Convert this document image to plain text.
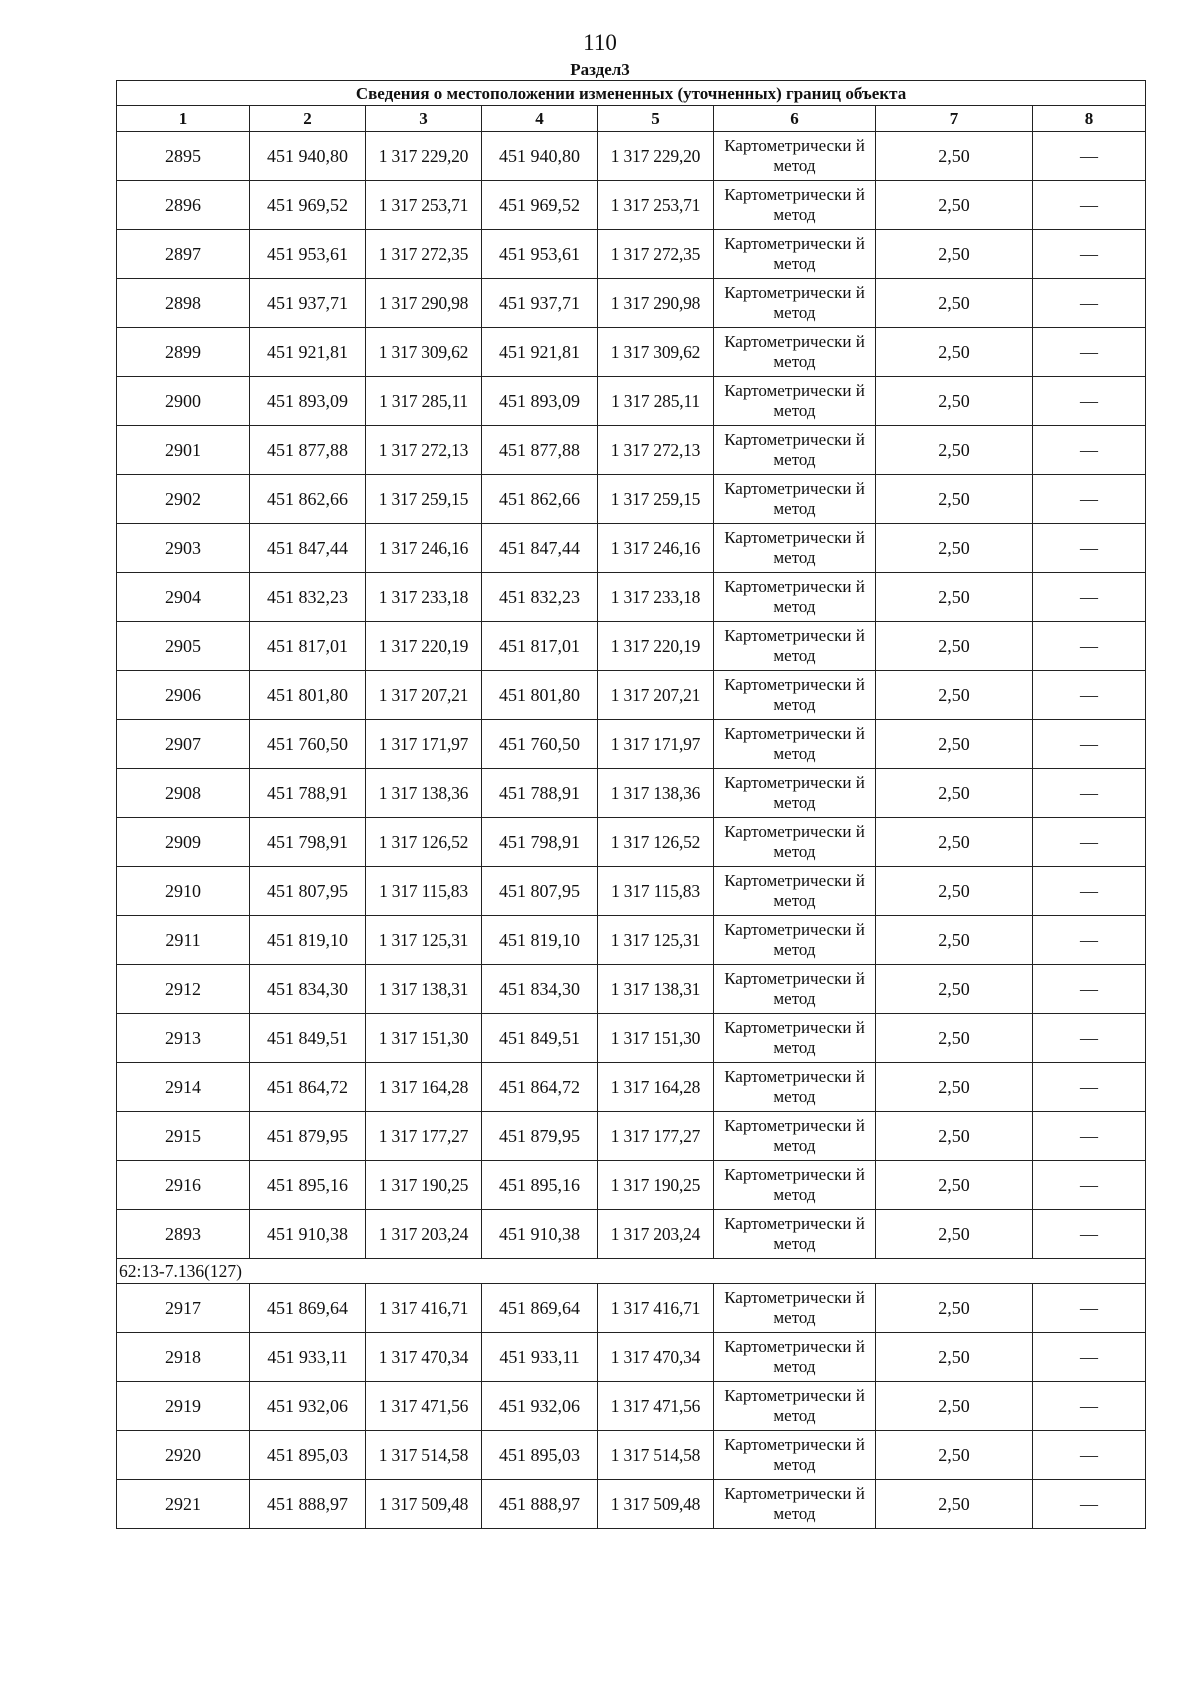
110
Раздел3
Сведения о местоположении измененных (уточненных) границ объекта							
1	2	3	4	5	6	7	8
2895	451 940,80	1 317 229,20	451 940,80	1 317 229,20	Картометрически й метод	2,50	—
2896	451 969,52	1 317 253,71	451 969,52	1 317 253,71	Картометрически й метод	2,50	—
2897	451 953,61	1 317 272,35	451 953,61	1 317 272,35	Картометрически й метод	2,50	—
2898	451 937,71	1 317 290,98	451 937,71	1 317 290,98	Картометрически й метод	2,50	—
2899	451 921,81	1 317 309,62	451 921,81	1 317 309,62	Картометрически й метод	2,50	—
2900	451 893,09	1 317 285,11	451 893,09	1 317 285,11	Картометрически й метод	2,50	—
2901	451 877,88	1 317 272,13	451 877,88	1 317 272,13	Картометрически й метод	2,50	—
2902	451 862,66	1 317 259,15	451 862,66	1 317 259,15	Картометрически й метод	2,50	—
2903	451 847,44	1 317 246,16	451 847,44	1 317 246,16	Картометрически й метод	2,50	—
2904	451 832,23	1 317 233,18	451 832,23	1 317 233,18	Картометрически й метод	2,50	—
2905	451 817,01	1 317 220,19	451 817,01	1 317 220,19	Картометрически й метод	2,50	—
2906	451 801,80	1 317 207,21	451 801,80	1 317 207,21	Картометрически й метод	2,50	—
2907	451 760,50	1 317 171,97	451 760,50	1 317 171,97	Картометрически й метод	2,50	—
2908	451 788,91	1 317 138,36	451 788,91	1 317 138,36	Картометрически й метод	2,50	—
2909	451 798,91	1 317 126,52	451 798,91	1 317 126,52	Картометрически й метод	2,50	—
2910	451 807,95	1 317 115,83	451 807,95	1 317 115,83	Картометрически й метод	2,50	—
2911	451 819,10	1 317 125,31	451 819,10	1 317 125,31	Картометрически й метод	2,50	—
2912	451 834,30	1 317 138,31	451 834,30	1 317 138,31	Картометрически й метод	2,50	—
2913	451 849,51	1 317 151,30	451 849,51	1 317 151,30	Картометрически й метод	2,50	—
2914	451 864,72	1 317 164,28	451 864,72	1 317 164,28	Картометрически й метод	2,50	—
2915	451 879,95	1 317 177,27	451 879,95	1 317 177,27	Картометрически й метод	2,50	—
2916	451 895,16	1 317 190,25	451 895,16	1 317 190,25	Картометрически й метод	2,50	—
2893	451 910,38	1 317 203,24	451 910,38	1 317 203,24	Картометрически й метод	2,50	—
62:13-7.136(127)							
2917	451 869,64	1 317 416,71	451 869,64	1 317 416,71	Картометрически й метод	2,50	—
2918	451 933,11	1 317 470,34	451 933,11	1 317 470,34	Картометрически й метод	2,50	—
2919	451 932,06	1 317 471,56	451 932,06	1 317 471,56	Картометрически й метод	2,50	—
2920	451 895,03	1 317 514,58	451 895,03	1 317 514,58	Картометрически й метод	2,50	—
2921	451 888,97	1 317 509,48	451 888,97	1 317 509,48	Картометрически й метод	2,50	—
